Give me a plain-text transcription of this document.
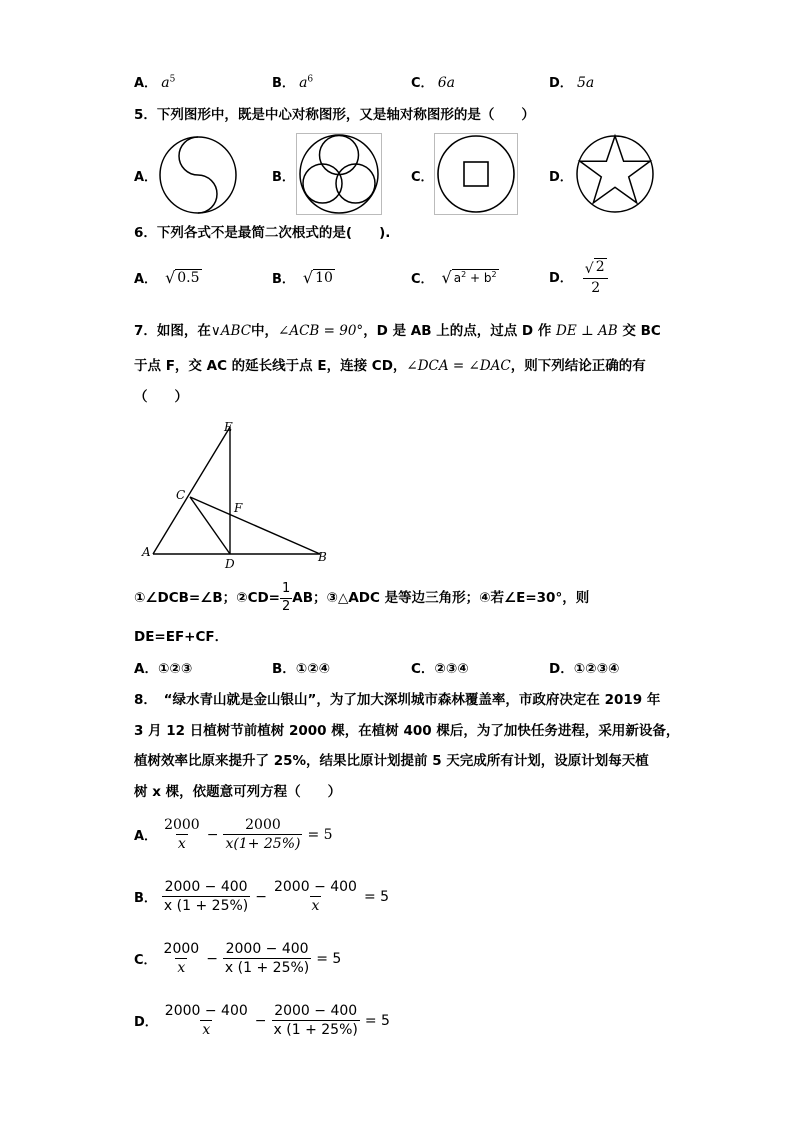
A． $a^5$	B． $a^6$	C． 6a	D． 5a
5．下列图形中，既是中心对称图形，又是轴对称图形的是（　　）
A．	B．	C．	D．
6．下列各式不是最简二次根式的是(　　).
A． √ 0.5	B． √ 10	C． √ $a^2 + b^2$	D． $\frac{√ 2}{2}$
7．如图，在∨ABC中，∠ACB = 90°，D 是 AB 上的点，过点 D 作 DE ⊥ AB 交 BC
于点 F，交 AC 的延长线于点 E，连接 CD，∠DCA = ∠DAC，则下列结论正确的有
（　　）
E
C
F
A
D	B
①∠DCB=∠B；②CD= $\frac{1}{2}$ AB；③△ADC 是等边三角形；④若∠E=30°，则
DE=EF+CF．
A．①②③	B．①②④	C．②③④	D．①②③④
8．　“绿水青山就是金山银山”，为了加大深圳城市森林覆盖率，市政府决定在 2019 年
3 月 12 日植树节前植树 2000 棵，在植树 400 棵后，为了加快任务进程，采用新设备，
植树效率比原来提升了 25%，结果比原计划提前 5 天完成所有计划，设原计划每天植
树 x 棵，依题意可列方程（　　）
A． $\frac{2000}{x} - \frac{2000}{x(1+ 25\%)} = 5$
B． $\frac{2000 - 400}{x (1 + 25\%)} - \frac{2000 - 400}{x} = 5$
C． $\frac{2000}{x} - \frac{2000 - 400}{x (1 + 25\%)} = 5$
D． $\frac{2000 - 400}{x} - \frac{2000 - 400}{x (1 + 25\%)} = 5$
